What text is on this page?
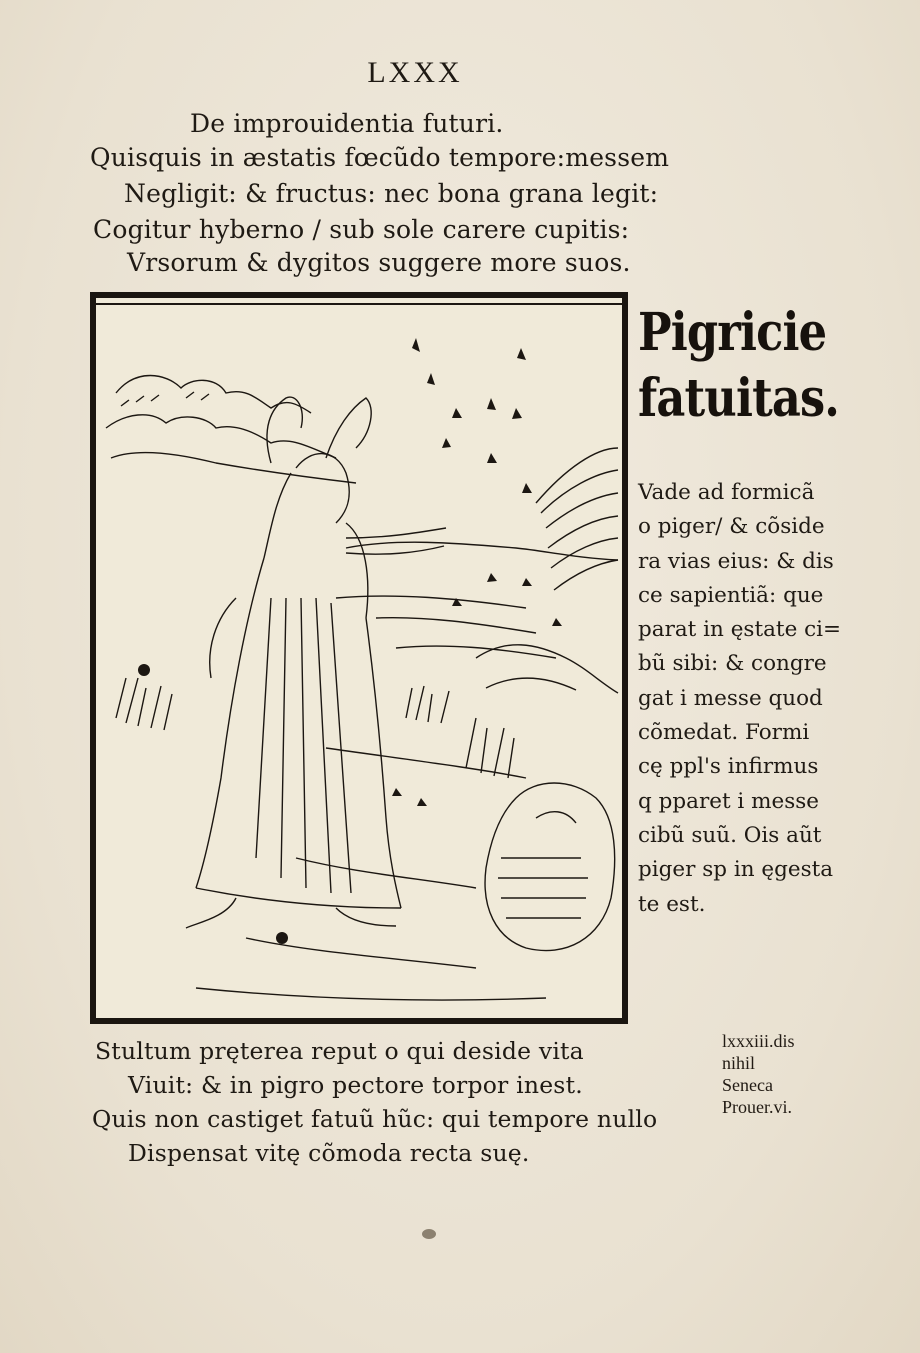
LXXX
De improuidentia futuri.
Quisquis in æstatis fœcũdo tempore:messem
Negligit: & fructus: nec bona grana legit:
Cogitur hyberno / sub sole carere cupitis:
Vrsorum & dygitos suggere more suos.
Pigricie
fatuitas.
Vade ad formicã
o piger/ & cõside
ra vias eius: & dis
ce sapientiã: que
parat in ęstate ci=
bũ sibi: & congre
gat i messe quod
cõmedat. Formi
cę ppl's infirmus
q pparet i messe
cibũ suũ. Ois aũt
piger sp in ęgesta
te est.
Stultum pręterea reput o qui deside vita
Viuit: & in pigro pectore torpor inest.
Quis non castiget fatuũ hũc: qui tempore nullo
Dispensat vitę cõmoda recta suę.
lxxxiii.dis
nihil
Seneca
Prouer.vi.
